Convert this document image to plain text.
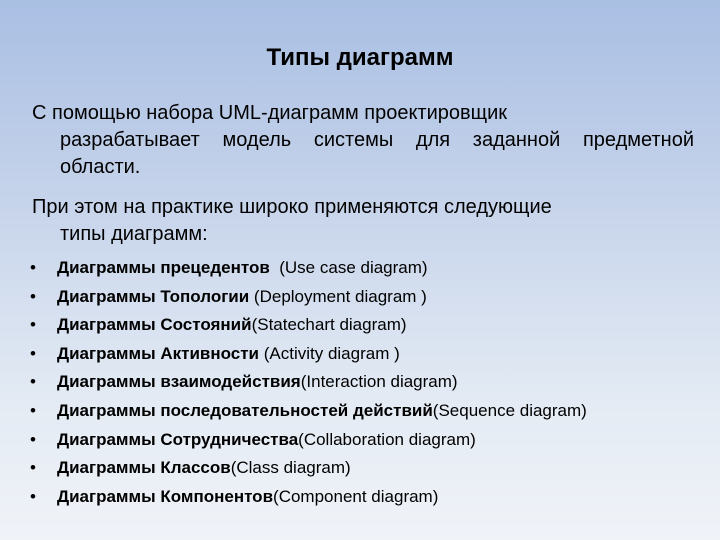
Типы диаграмм
С помощью набора UML-диаграмм проектировщик
разрабатывает модель системы для заданной предметной области.
При этом на практике широко применяются следующие
типы диаграмм:
•	Диаграммы прецедентов (Use case diagram)
•	Диаграммы Топологии (Deployment diagram )
•	Диаграммы Состояний (Statechart diagram)
•	Диаграммы Активности (Activity diagram )
•	Диаграммы взаимодействия (Interaction diagram)
•	Диаграммы последовательностей действий (Sequence diagram)
•	Диаграммы Сотрудничества (Collaboration diagram)
•	Диаграммы Классов (Class diagram)
•	Диаграммы Компонентов (Component diagram)
